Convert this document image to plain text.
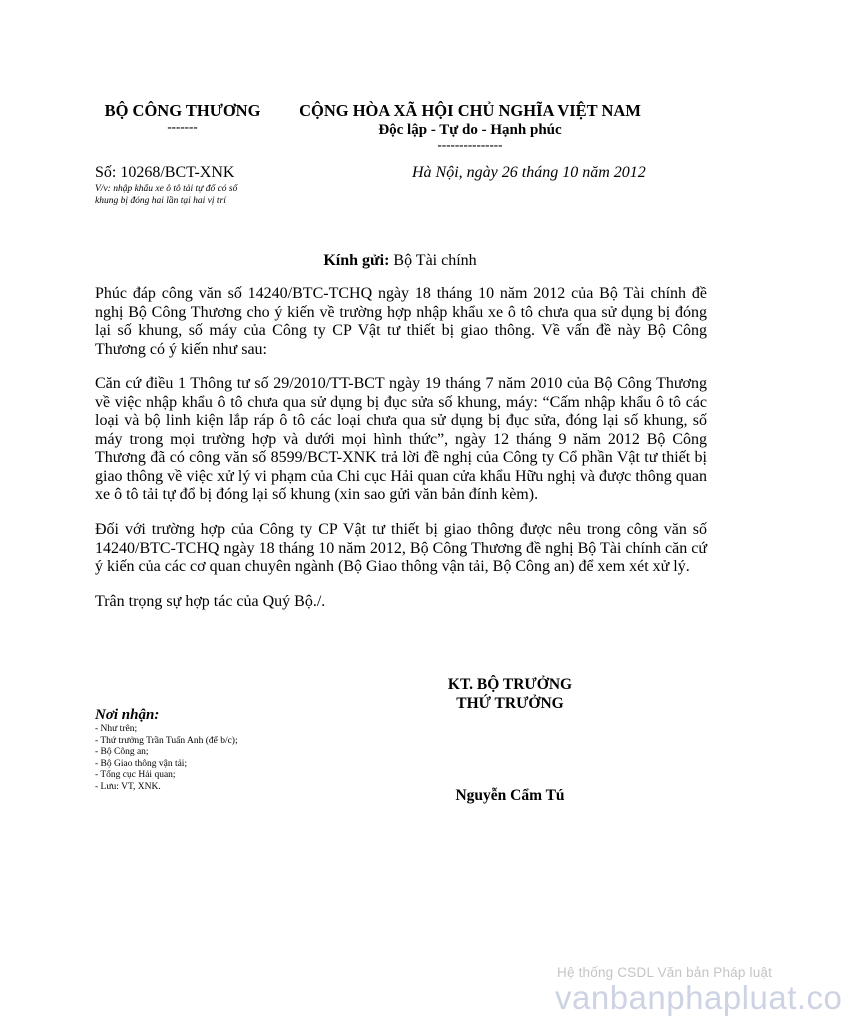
BỘ CÔNG THƯƠNG
-------
CỘNG HÒA XÃ HỘI CHỦ NGHĨA VIỆT NAM
Độc lập - Tự do - Hạnh phúc
---------------
Số: 10268/BCT-XNK
V/v: nhập khẩu xe ô tô tải tự đổ có số
khung bị đóng hai lần tại hai vị trí
Hà Nội, ngày 26 tháng 10 năm 2012
Kính gửi: Bộ Tài chính
Phúc đáp công văn số 14240/BTC-TCHQ ngày 18 tháng 10 năm 2012 của Bộ Tài chính đề nghị Bộ Công Thương cho ý kiến về trường hợp nhập khẩu xe ô tô chưa qua sử dụng bị đóng lại số khung, số máy của Công ty CP Vật tư thiết bị giao thông. Về vấn đề này Bộ Công Thương có ý kiến như sau:
Căn cứ điều 1 Thông tư số 29/2010/TT-BCT ngày 19 tháng 7 năm 2010 của Bộ Công Thương về việc nhập khẩu ô tô chưa qua sử dụng bị đục sửa số khung, máy: “Cấm nhập khẩu ô tô các loại và bộ linh kiện lắp ráp ô tô các loại chưa qua sử dụng bị đục sửa, đóng lại số khung, số máy trong mọi trường hợp và dưới mọi hình thức”, ngày 12 tháng 9 năm 2012 Bộ Công Thương đã có công văn số 8599/BCT-XNK trả lời đề nghị của Công ty Cổ phần Vật tư thiết bị giao thông về việc xử lý vi phạm của Chi cục Hải quan cửa khẩu Hữu nghị và được thông quan xe ô tô tải tự đổ bị đóng lại số khung (xin sao gửi văn bản đính kèm).
Đối với trường hợp của Công ty CP Vật tư thiết bị giao thông được nêu trong công văn số 14240/BTC-TCHQ ngày 18 tháng 10 năm 2012, Bộ Công Thương đề nghị Bộ Tài chính căn cứ ý kiến của các cơ quan chuyên ngành (Bộ Giao thông vận tải, Bộ Công an) để xem xét xử lý.
Trân trọng sự hợp tác của Quý Bộ./.
KT. BỘ TRƯỞNG
THỨ TRƯỞNG
Nguyễn Cẩm Tú
Nơi nhận:
- Như trên;
- Thứ trưởng Trần Tuấn Anh (để b/c);
- Bộ Công an;
- Bộ Giao thông vận tải;
- Tổng cục Hải quan;
- Lưu: VT, XNK.
Hệ thống CSDL Văn bản Pháp luật
vanbanphapluat.co
